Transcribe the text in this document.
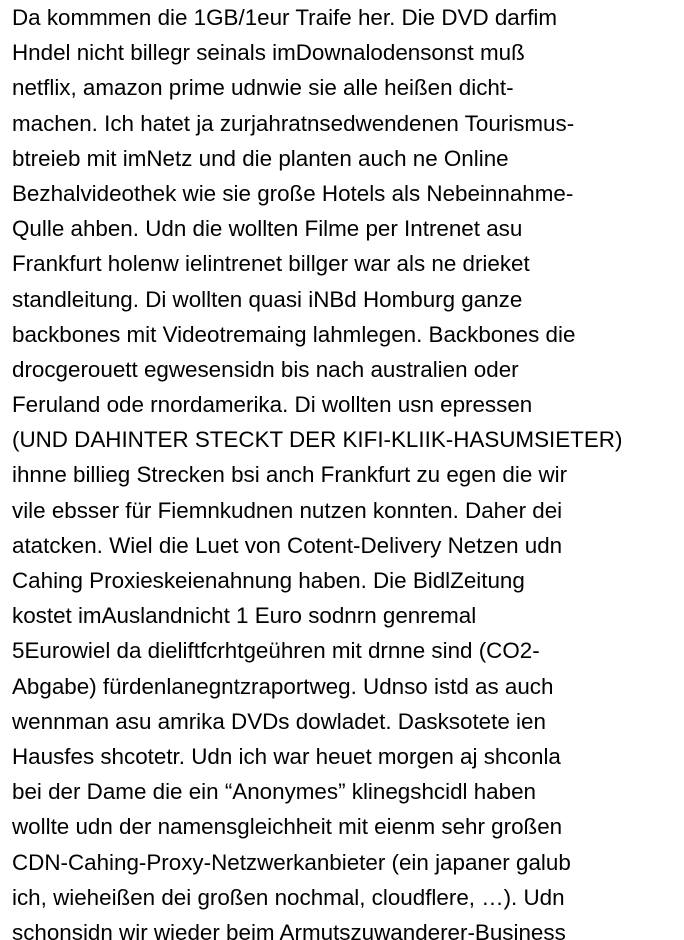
Da kommmen die 1GB/1eur Traife her. Die DVD darfim
Hndel nicht billegr seinals imDownalodensonst muß
netflix, amazon prime udnwie sie alle heißen dicht-
machen. Ich hatet ja zurjahratnsedwendenen Tourismus-
btreieb mit imNetz und die planten auch ne Online
Bezhalvideothek wie sie große Hotels als Nebeinnahme-
Qulle ahben. Udn die wollten Filme per Intrenet asu
Frankfurt holenw ielintrenet billger war als ne drieket
standleitung. Di wollten quasi iNBd Homburg ganze
backbones mit Videotremaing lahmlegen. Backbones die
drocgerouett egwesensidn bis nach australien oder
Feruland ode rnordamerika. Di wollten usn epressen
(UND DAHINTER STECKT DER KIFI-KLIIK-HASUMSIETER)
ihnne billieg Strecken bsi anch Frankfurt zu egen die wir
vile ebsser für Fiemnkudnen nutzen konnten. Daher dei
atatcken. Wiel die Luet von Cotent-Delivery Netzen udn
Cahing Proxieskeienahnung haben. Die BidlZeitung
kostet imAuslandnicht 1 Euro sodnrn genremal
5Eurowiel da dieliftfcrhtgeühren mit drnne sind (CO2-
Abgabe) fürdenlanegntzraportweg. Udnso istd as auch
wennman asu amrika DVDs dowladet. Dasksotete ien
Hausfes shcotetr. Udn ich war heuet morgen aj shconla
bei der Dame die ein “Anonymes” klinegshcidl haben
wollte udn der namensgleichheit mit eienm sehr großen
CDN-Cahing-Proxy-Netzwerkanbieter (ein japaner galub
ich, wieheißen dei großen nochmal, cloudflere, …). Udn
schonsidn wir wieder beim Armutszuwanderer-Business
